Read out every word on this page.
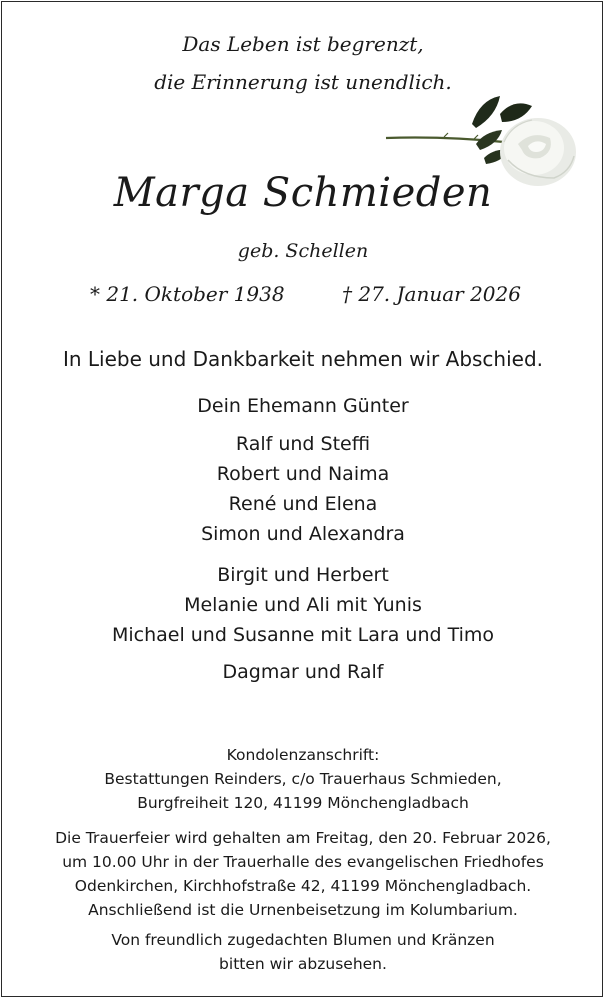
Das Leben ist begrenzt,
die Erinnerung ist unendlich.
Marga Schmieden
geb. Schellen
* 21. Oktober 1938	† 27. Januar 2026
In Liebe und Dankbarkeit nehmen wir Abschied.
Dein Ehemann Günter
Ralf und Steffi
Robert und Naima
René und Elena
Simon und Alexandra
Birgit und Herbert
Melanie und Ali mit Yunis
Michael und Susanne mit Lara und Timo
Dagmar und Ralf
Kondolenzanschrift:
Bestattungen Reinders, c/o Trauerhaus Schmieden,
Burgfreiheit 120, 41199 Mönchengladbach
Die Trauerfeier wird gehalten am Freitag, den 20. Februar 2026,
um 10.00 Uhr in der Trauerhalle des evangelischen Friedhofes
Odenkirchen, Kirchhofstraße 42, 41199 Mönchengladbach.
Anschließend ist die Urnenbeisetzung im Kolumbarium.
Von freundlich zugedachten Blumen und Kränzen
bitten wir abzusehen.
